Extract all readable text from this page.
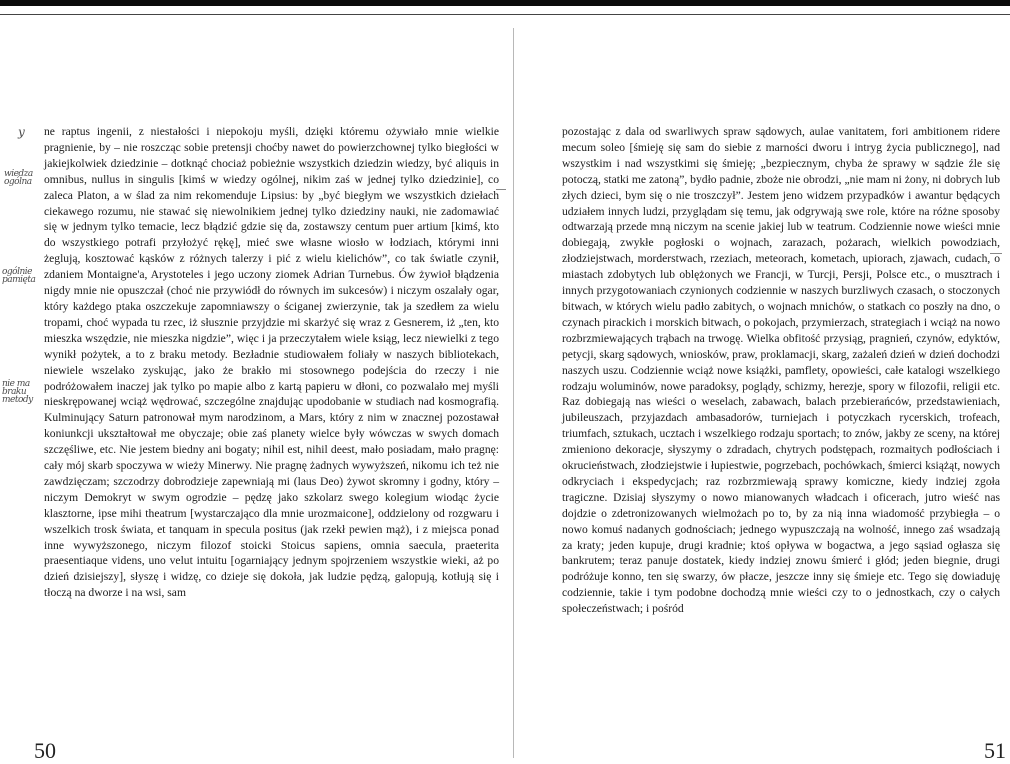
y
wiedza ogólna
ogólnie pamięta
nie ma braku metody

ne raptus ingenii, z niestałości i niepokoju myśli, dzięki któremu ożywiało mnie wielkie pragnienie, by – nie roszcząc sobie pretensji choćby nawet do powierzchownej tylko biegłości w jakiejkolwiek dziedzinie – dotknąć chociaż pobieżnie wszystkich dziedzin wiedzy, być aliquis in omnibus, nullus in singulis [kimś w wiedzy ogólnej, nikim zaś w jednej tylko dziedzinie], co zaleca Platon, a w ślad za nim rekomenduje Lipsius: by „być biegłym we wszystkich dziełach ciekawego rozumu, nie stawać się niewolnikiem jednej tylko dziedziny nauki, nie zadomawiać się w jednym tylko temacie, lecz błądzić gdzie się da, zostawszy centum puer artium [kimś, kto do wszystkiego potrafi przyłożyć rękę], mieć swe własne wiosło w łodziach, którymi inni żeglują, kosztować kąsków z różnych talerzy i pić z wielu kielichów”, co tak światle czynił, zdaniem Montaigne'a, Arystoteles i jego uczony ziomek Adrian Turnebus. Ów żywioł błądzenia nigdy mnie nie opuszczał (choć nie przywiódł do równych im sukcesów) i niczym oszalały ogar, który każdego ptaka oszczekuje zapomniawszy o ściganej zwierzynie, tak ja szedłem za wielu tropami, choć wypada tu rzec, iż słusznie przyjdzie mi skarżyć się wraz z Gesnerem, iż „ten, kto mieszka wszędzie, nie mieszka nigdzie”, więc i ja przeczytałem wiele ksiąg, lecz niewielki z tego wynikł pożytek, a to z braku metody. Bezładnie studiowałem foliały w naszych bibliotekach, niewiele wszelako zyskując, jako że brakło mi stosownego podejścia do rzeczy i nie podróżowałem inaczej jak tylko po mapie albo z kartą papieru w dłoni, co pozwalało mej myśli nieskrępowanej wciąż wędrować, szczególne znajdując upodobanie w studiach nad kosmografią. Kulminujący Saturn patronował mym narodzinom, a Mars, który z nim w znacznej pozostawał koniunkcji ukształtował me obyczaje; obie zaś planety wielce były wówczas w swych domach szczęśliwe, etc. Nie jestem biedny ani bogaty; nihil est, nihil deest, mało posiadam, mało pragnę: cały mój skarb spoczywa w wieży Minerwy. Nie pragnę żadnych wywyższeń, nikomu ich też nie zawdzięczam; szczodrzy dobrodzieje zapewniają mi (laus Deo) żywot skromny i godny, który – niczym Demokryt w swym ogrodzie – pędzę jako szkolarz swego kolegium wiodąc życie klasztorne, ipse mihi theatrum [wystarczająco dla mnie urozmaicone], oddzielony od rozgwaru i wszelkich trosk świata, et tanquam in specula positus (jak rzekł pewien mąż), i z miejsca ponad inne wywyższonego, niczym filozof stoicki Stoicus sapiens, omnia saecula, praeterita praesentiaque videns, uno velut intuitu [ogarniający jednym spojrzeniem wszystkie wieki, aż po dzień dzisiejszy], słyszę i widzę, co dzieje się dokoła, jak ludzie pędzą, galopują, kotłują się i tłoczą na dworze i na wsi, sam

50

pozostając z dala od swarliwych spraw sądowych, aulae vanitatem, fori ambitionem ridere mecum soleo [śmieję się sam do siebie z marności dworu i intryg życia publicznego], nad wszystkim i nad wszystkimi się śmieję; „bezpiecznym, chyba że sprawy w sądzie źle się potoczą, statki me zatoną”, bydło padnie, zboże nie obrodzi, „nie mam ni żony, ni dobrych lub złych dzieci, bym się o nie troszczył”. Jestem jeno widzem przypadków i awantur będących udziałem innych ludzi, przyglądam się temu, jak odgrywają swe role, które na różne sposoby odtwarzają przede mną niczym na scenie jakiej lub w teatrum. Codziennie nowe wieści mnie dobiegają, zwykłe pogłoski o wojnach, zarazach, pożarach, wielkich powodziach, złodziejstwach, morderstwach, rzeziach, meteorach, kometach, upiorach, zjawach, cudach, o miastach zdobytych lub oblężonych we Francji, w Turcji, Persji, Polsce etc., o musztrach i innych przygotowaniach czynionych codziennie w naszych burzliwych czasach, o stoczonych bitwach, w których wielu padło zabitych, o wojnach mnichów, o statkach co poszły na dno, o czynach pirackich i morskich bitwach, o pokojach, przymierzach, strategiach i wciąż na nowo rozbrzmiewających trąbach na trwogę. Wielka obfitość przysiąg, pragnień, czynów, edyktów, petycji, skarg sądowych, wniosków, praw, proklamacji, skarg, zażaleń dzień w dzień dochodzi naszych uszu. Codziennie wciąż nowe książki, pamflety, opowieści, całe katalogi wszelkiego rodzaju woluminów, nowe paradoksy, poglądy, schizmy, herezje, spory w filozofii, religii etc. Raz dobiegają nas wieści o weselach, zabawach, balach przebierańców, przedstawieniach, jubileuszach, przyjazdach ambasadorów, turniejach i potyczkach rycerskich, trofeach, triumfach, sztukach, ucztach i wszelkiego rodzaju sportach; to znów, jakby ze sceny, na której zmieniono dekoracje, słyszymy o zdradach, chytrych podstępach, rozmaitych podłościach i okrucieństwach, złodziejstwie i łupiestwie, pogrzebach, pochówkach, śmierci książąt, nowych odkryciach i ekspedycjach; raz rozbrzmiewają sprawy komiczne, kiedy indziej zgoła tragiczne. Dzisiaj słyszymy o nowo mianowanych władcach i oficerach, jutro wieść nas dojdzie o zdetronizowanych wielmożach po to, by za nią inna wiadomość przybiegła – o nowo komuś nadanych godnościach; jednego wypuszczają na wolność, innego zaś wsadzają za kraty; jeden kupuje, drugi kradnie; ktoś opływa w bogactwa, a jego sąsiad ogłasza się bankrutem; teraz panuje dostatek, kiedy indziej znowu śmierć i głód; jeden biegnie, drugi podróżuje konno, ten się swarzy, ów płacze, jeszcze inny się śmieje etc. Tego się dowiaduję codziennie, takie i tym podobne dochodzą mnie wieści czy to o jednostkach, czy o całych społeczeństwach; i pośród

51
